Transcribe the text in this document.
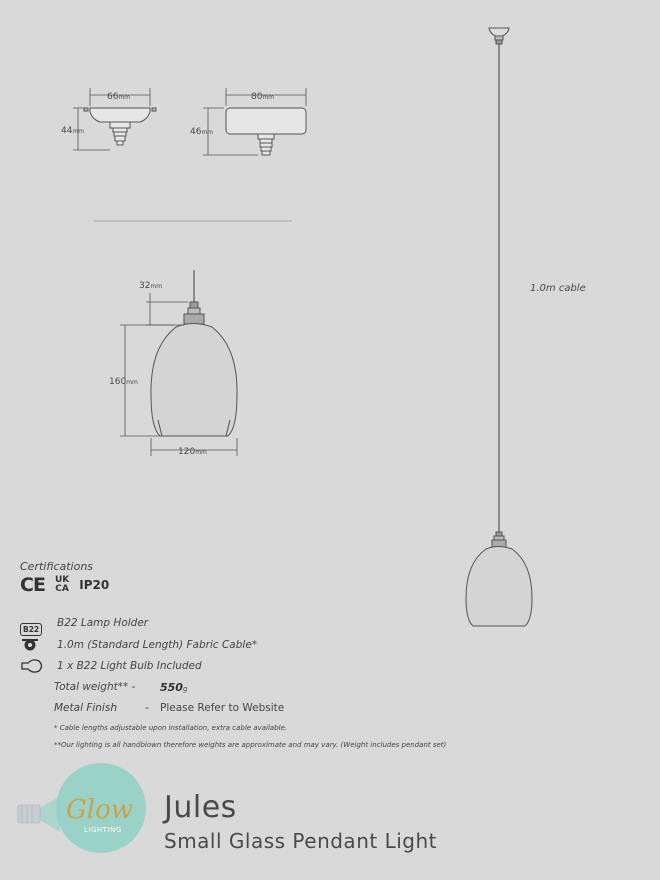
66mm
44mm
80mm
46mm
32mm
160mm
120mm
1.0m cable
Glow
LIGHTING
Certifications
CE UK
CA IP20
B22
B22 Lamp Holder
1.0m (Standard Length) Fabric Cable*
1 x B22 Light Bulb Included
Total weight** - 550g
Metal Finish	- Please Refer to Website
* Cable lengths adjustable upon installation, extra cable available.
**Our lighting is all handblown therefore weights are approximate and may vary. (Weight includes pendant set)
Jules
Small Glass Pendant Light
